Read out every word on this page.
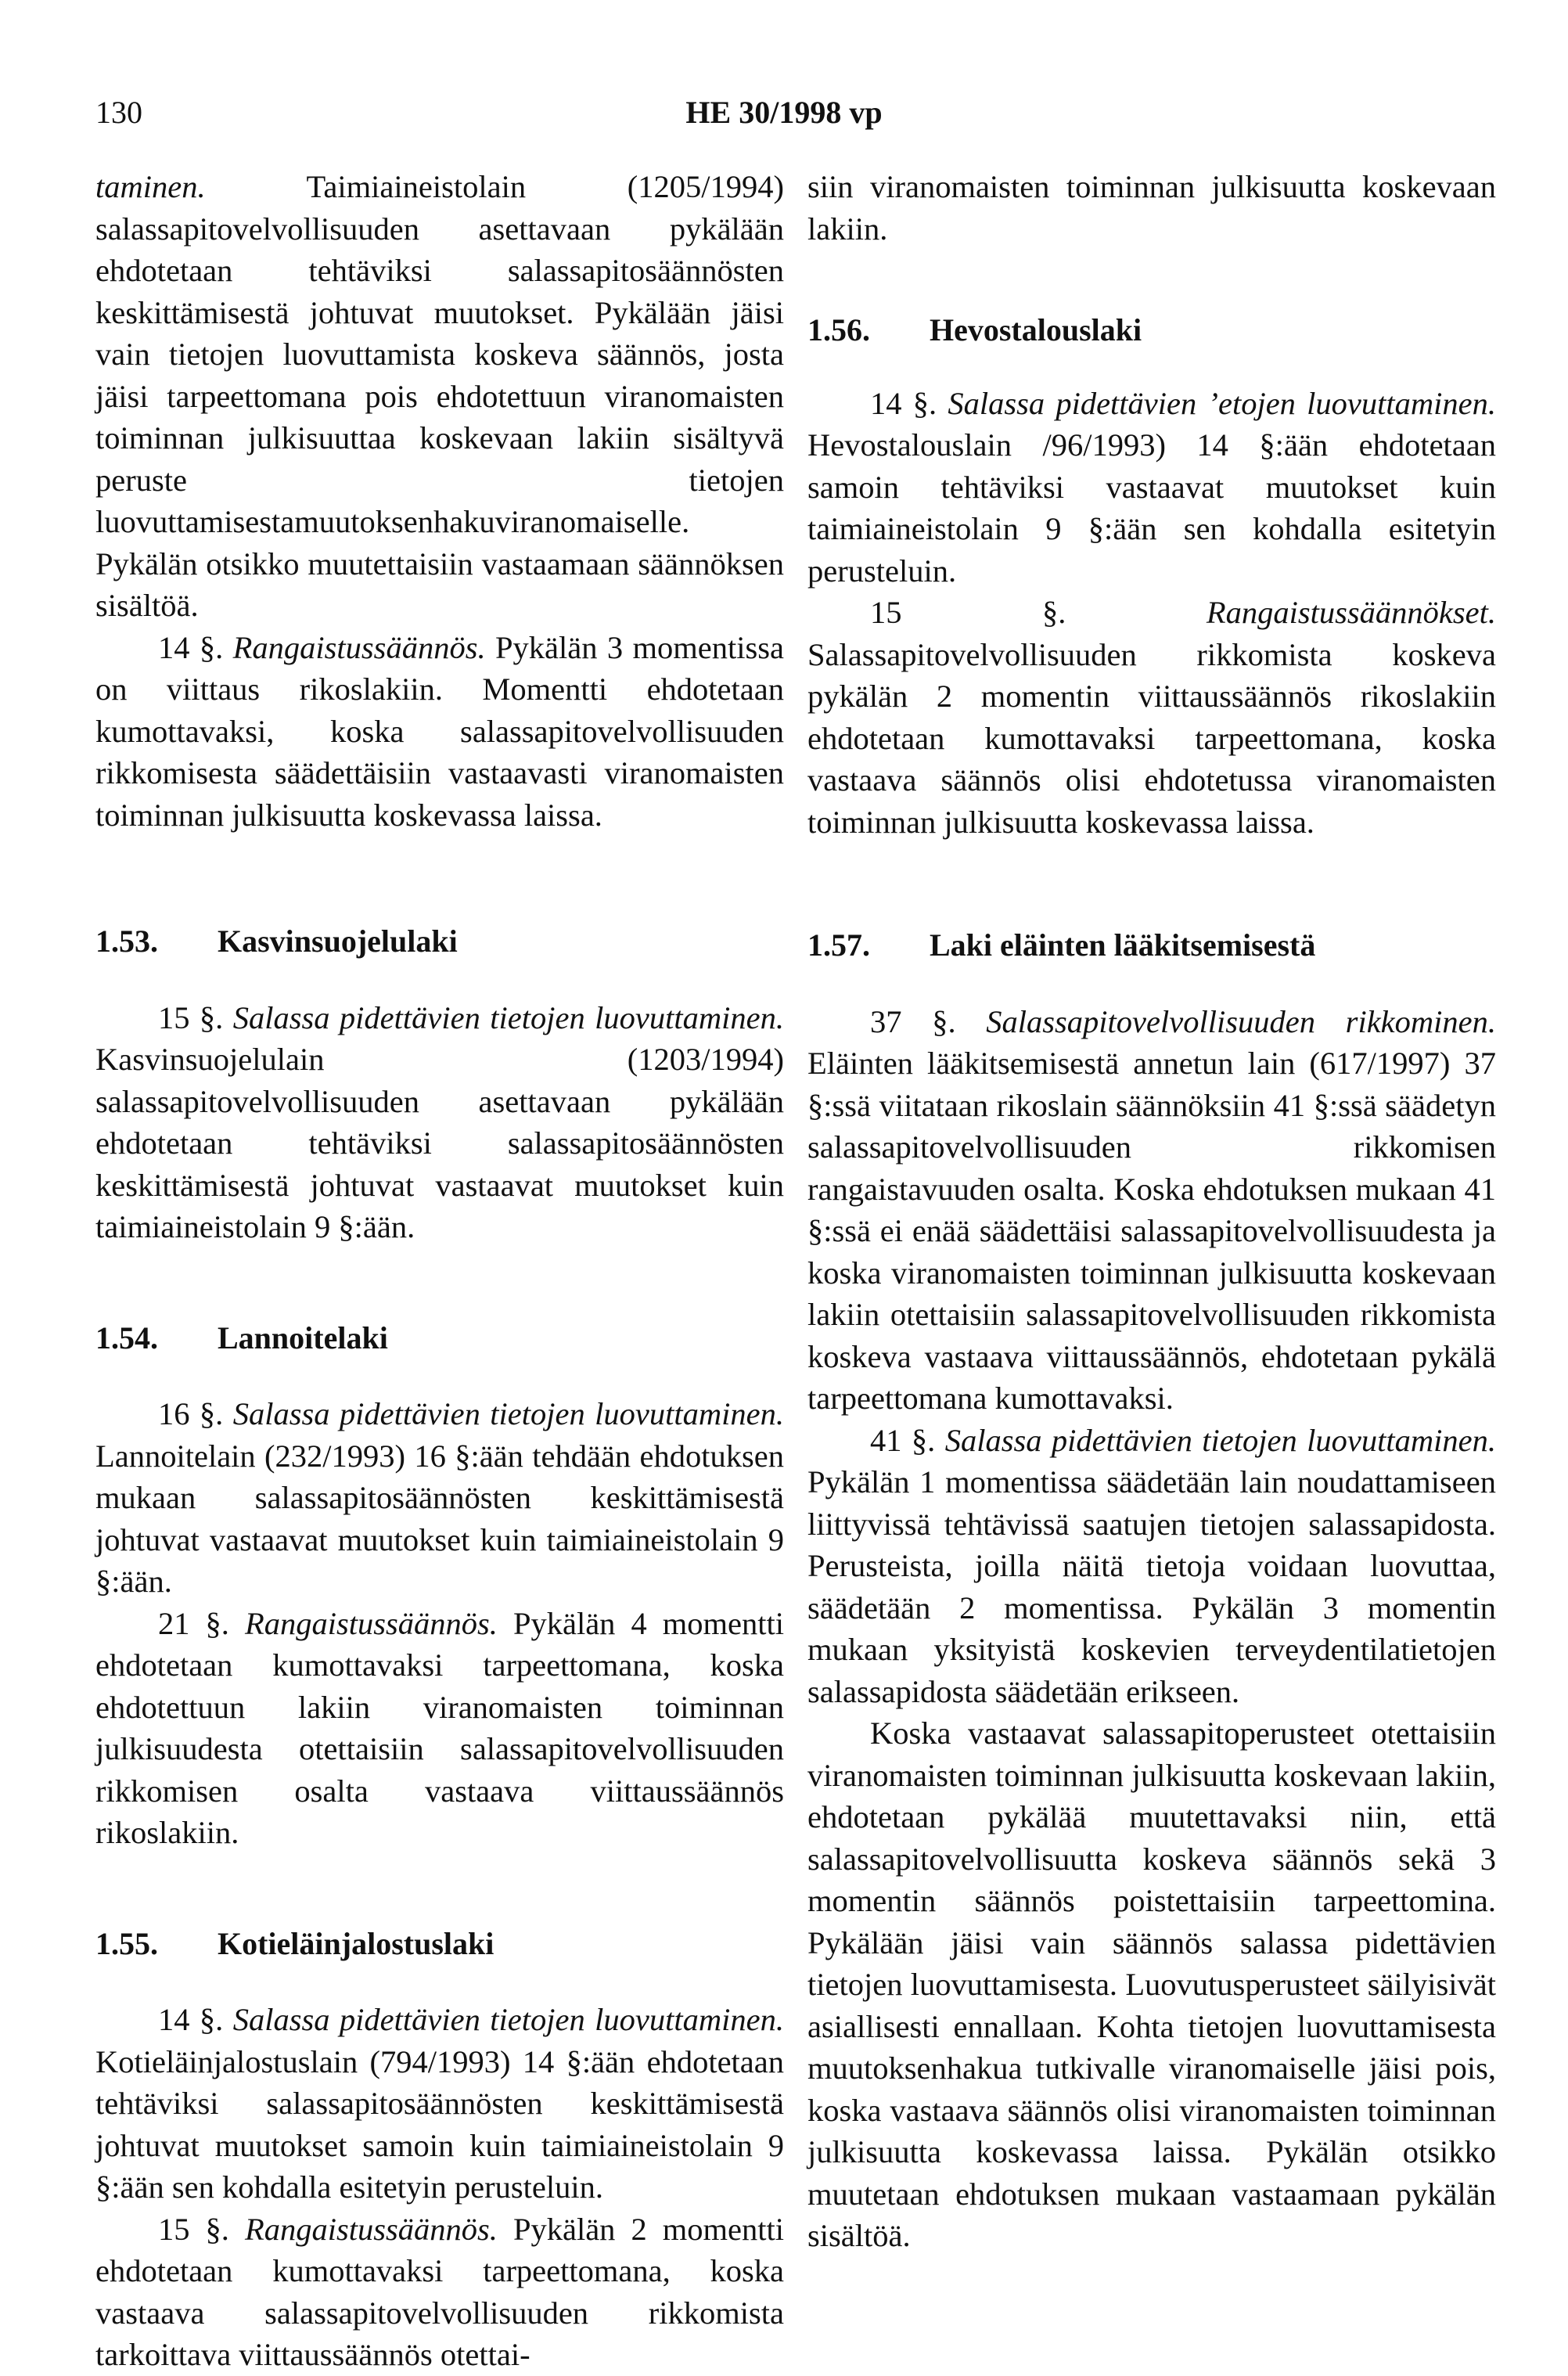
130	HE 30/1998 vp

taminen. Taimiaineistolain (1205/1994) salassapitovelvollisuuden asettavaan pykälään ehdotetaan tehtäviksi salassapitosäännösten keskittämisestä johtuvat muutokset. Pykälään jäisi vain tietojen luovuttamista koskeva säännös, josta jäisi tarpeettomana pois ehdotettuun viranomaisten toiminnan julkisuuttaa koskevaan lakiin sisältyvä peruste tietojen luovuttamisestamuutoksenhakuviranomaiselle. Pykälän otsikko muutettaisiin vastaamaan säännöksen sisältöä.

14 §. Rangaistussäännös. Pykälän 3 momentissa on viittaus rikoslakiin. Momentti ehdotetaan kumottavaksi, koska salassapitovelvollisuuden rikkomisesta säädettäisiin vastaavasti viranomaisten toiminnan julkisuutta koskevassa laissa.

1.53.	Kasvinsuojelulaki

15 §. Salassa pidettävien tietojen luovuttaminen. Kasvinsuojelulain (1203/1994) salassapitovelvollisuuden asettavaan pykälään ehdotetaan tehtäviksi salassapitosäännösten keskittämisestä johtuvat vastaavat muutokset kuin taimiaineistolain 9 §:ään.

1.54.	Lannoitelaki

16 §. Salassa pidettävien tietojen luovuttaminen. Lannoitelain (232/1993) 16 §:ään tehdään ehdotuksen mukaan salassapitosäännösten keskittämisestä johtuvat vastaavat muutokset kuin taimiaineistolain 9 §:ään.

21 §. Rangaistussäännös. Pykälän 4 momentti ehdotetaan kumottavaksi tarpeettomana, koska ehdotettuun lakiin viranomaisten toiminnan julkisuudesta otettaisiin salassapitovelvollisuuden rikkomisen osalta vastaava viittaussäännös rikoslakiin.

1.55.	Kotieläinjalostuslaki

14 §. Salassa pidettävien tietojen luovuttaminen. Kotieläinjalostuslain (794/1993) 14 §:ään ehdotetaan tehtäviksi salassapitosäännösten keskittämisestä johtuvat muutokset samoin kuin taimiaineistolain 9 §:ään sen kohdalla esitetyin perusteluin.

15 §. Rangaistussäännös. Pykälän 2 momentti ehdotetaan kumottavaksi tarpeettomana, koska vastaava salassapitovelvollisuuden rikkomista tarkoittava viittaussäännös otettai-

siin viranomaisten toiminnan julkisuutta koskevaan lakiin.

1.56.	Hevostalouslaki

14 §. Salassa pidettävien ’etojen luovuttaminen. Hevostalouslain /96/1993) 14 §:ään ehdotetaan samoin tehtäviksi vastaavat muutokset kuin taimiaineistolain 9 §:ään sen kohdalla esitetyin perusteluin.

15 §. Rangaistussäännökset. Salassapitovelvollisuuden rikkomista koskeva pykälän 2 momentin viittaussäännös rikoslakiin ehdotetaan kumottavaksi tarpeettomana, koska vastaava säännös olisi ehdotetussa viranomaisten toiminnan julkisuutta koskevassa laissa.

1.57.	Laki eläinten lääkitsemisestä

37 §. Salassapitovelvollisuuden rikkominen. Eläinten lääkitsemisestä annetun lain (617/1997) 37 §:ssä viitataan rikoslain säännöksiin 41 §:ssä säädetyn salassapitovelvollisuuden rikkomisen rangaistavuuden osalta. Koska ehdotuksen mukaan 41 §:ssä ei enää säädettäisi salassapitovelvollisuudesta ja koska viranomaisten toiminnan julkisuutta koskevaan lakiin otettaisiin salassapitovelvollisuuden rikkomista koskeva vastaava viittaussäännös, ehdotetaan pykälä tarpeettomana kumottavaksi.

41 §. Salassa pidettävien tietojen luovuttaminen. Pykälän 1 momentissa säädetään lain noudattamiseen liittyvissä tehtävissä saatujen tietojen salassapidosta. Perusteista, joilla näitä tietoja voidaan luovuttaa, säädetään 2 momentissa. Pykälän 3 momentin mukaan yksityistä koskevien terveydentilatietojen salassapidosta säädetään erikseen.

Koska vastaavat salassapitoperusteet otettaisiin viranomaisten toiminnan julkisuutta koskevaan lakiin, ehdotetaan pykälää muutettavaksi niin, että salassapitovelvollisuutta koskeva säännös sekä 3 momentin säännös poistettaisiin tarpeettomina. Pykälään jäisi vain säännös salassa pidettävien tietojen luovuttamisesta. Luovutusperusteet säilyisivät asiallisesti ennallaan. Kohta tietojen luovuttamisesta muutoksenhakua tutkivalle viranomaiselle jäisi pois, koska vastaava säännös olisi viranomaisten toiminnan julkisuutta koskevassa laissa. Pykälän otsikko muutetaan ehdotuksen mukaan vastaamaan pykälän sisältöä.
